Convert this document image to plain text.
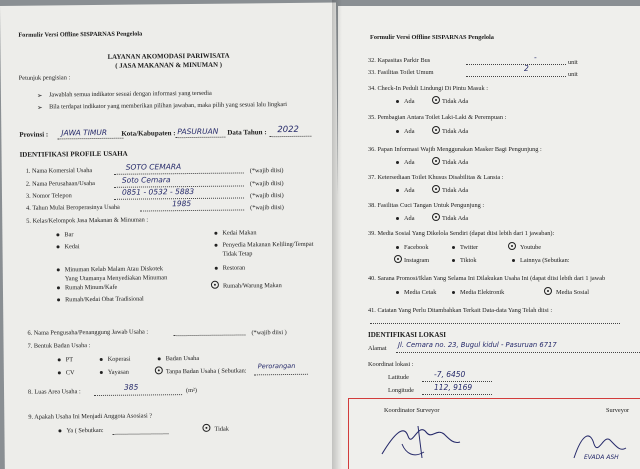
Formulir Versi Offline SISPARNAS Pengelola
LAYANAN AKOMODASI PARIWISATA
( JASA MAKANAN & MINUMAN )
Petunjuk pengisian :
➢ Jawablah semua indikator sesuai dengan informasi yang tersedia
➢ Bila terdapat indikator yang memberikan pilihan jawaban, maka pilih yang sesuai lalu lingkari
Provinsi : JAWA TIMUR Kota/Kabupaten : PASURUAN Data Tahun : 2022
IDENTIFIKASI PROFILE USAHA
1. Nama Komersial Usaha	SOTO CEMARA	(*wajib diisi)
2. Nama Perusahaan/Usaha	Soto Cemara	(*wajib diisi)
3. Nomor Telepon	0851 - 0532 - 5883	(*wajib diisi)
4. Tahun Mulai Beroperasinya Usaha	1985	(*wajib diisi)
5. Kelas/Kelompok Jasa Makanan & Minuman :
Bar	Kedai Makan
Kedai	Penyedia Makanan Keliling/Tempat
Tidak Tetap
Restoran
Minuman Kelab Malam Atau Diskotek
Yang Utamanya Menyediakan Minuman
Rumah Minum/Kafe	Rumah/Warung Makan
Rumah/Kedai Obat Tradisional
6. Nama Pengusaha/Penanggung Jawab Usaha :	(*wajib diisi )
7. Bentuk Badan Usaha :
PT	Koperasi	Badan Usaha
CV	Yayasan	Tanpa Badan Usaha ( Sebutkan:
Perorangan
8. Luas Area Usaha :
385	(m²)
9. Apakah Usaha Ini Menjadi Anggota Asosiasi ?
Ya ( Sebutkan:	Tidak
Formulir Versi Offline SISPARNAS Pengelola
32. Kapasitas Parkir Bus	-
unit
33. Fasilitas Toilet Umum	2
unit
34. Check-In Peduli Lindungi Di Pintu Masuk :
Ada	Tidak Ada
35. Pembagian Antara Toilet Laki-Laki & Perempuan :
Ada	Tidak Ada
36. Papan Informasi Wajib Menggunakan Masker Bagi Pengunjung :
Ada	Tidak Ada
37. Ketersediaan Toilet Khusus Disabilitas & Lansia :
Ada	Tidak Ada
38. Fasilitas Cuci Tangan Untuk Pengunjung :
Ada	Tidak Ada
39. Media Sosial Yang Dikelola Sendiri (dapat diisi lebih dari 1 jawaban):
Facebook	Twitter	Youtube
Instagram	Tiktok	Lainnya (Sebutkan:
40. Sarana Promosi/Iklan Yang Selama Ini Dilakukan Usaha Ini (dapat diisi lebih dari 1 jawab
Media Cetak	Media Elektronik	Media Sosial
41. Catatan Yang Perlu Ditambahkan Terkait Data-data Yang Telah diisi :
IDENTIFIKASI LOKASI
Alamat Jl. Cemara no. 23, Bugul kidul - Pasuruan 6717
Koordinat lokasi :
Latitude	-7, 6450
Longitude	112, 9169
Koordinator Surveyor	Surveyor
EVADA ASH
